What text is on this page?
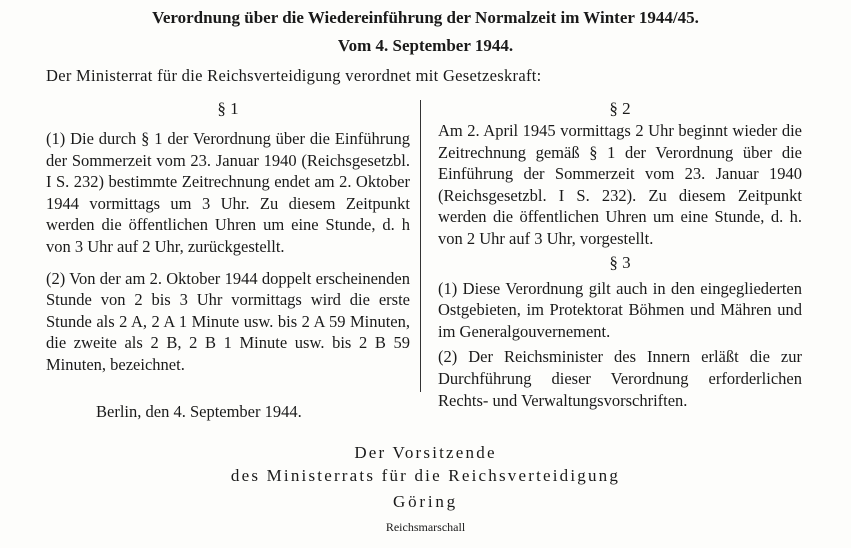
Verordnung über die Wiedereinführung der Normalzeit im Winter 1944/45.
Vom 4. September 1944.
Der Ministerrat für die Reichsverteidigung verordnet mit Gesetzeskraft:
§ 1

(1) Die durch § 1 der Verordnung über die Einführung der Sommerzeit vom 23. Januar 1940 (Reichsgesetzbl. I S. 232) bestimmte Zeitrechnung endet am 2. Oktober 1944 vormittags um 3 Uhr. Zu diesem Zeitpunkt werden die öffentlichen Uhren um eine Stunde, d. h von 3 Uhr auf 2 Uhr, zurückgestellt.

(2) Von der am 2. Oktober 1944 doppelt erscheinenden Stunde von 2 bis 3 Uhr vormittags wird die erste Stunde als 2 A, 2 A 1 Minute usw. bis 2 A 59 Minuten, die zweite als 2 B, 2 B 1 Minute usw. bis 2 B 59 Minuten, bezeichnet.

§ 2

Am 2. April 1945 vormittags 2 Uhr beginnt wieder die Zeitrechnung gemäß § 1 der Verordnung über die Einführung der Sommerzeit vom 23. Januar 1940 (Reichsgesetzbl. I S. 232). Zu diesem Zeitpunkt werden die öffentlichen Uhren um eine Stunde, d. h. von 2 Uhr auf 3 Uhr, vorgestellt.

§ 3

(1) Diese Verordnung gilt auch in den eingegliederten Ostgebieten, im Protektorat Böhmen und Mähren und im Generalgouvernement.

(2) Der Reichsminister des Innern erläßt die zur Durchführung dieser Verordnung erforderlichen Rechts- und Verwaltungsvorschriften.

Berlin, den 4. September 1944.
Der Vorsitzende
des Ministerrats für die Reichsverteidigung
Göring
Reichsmarschall
